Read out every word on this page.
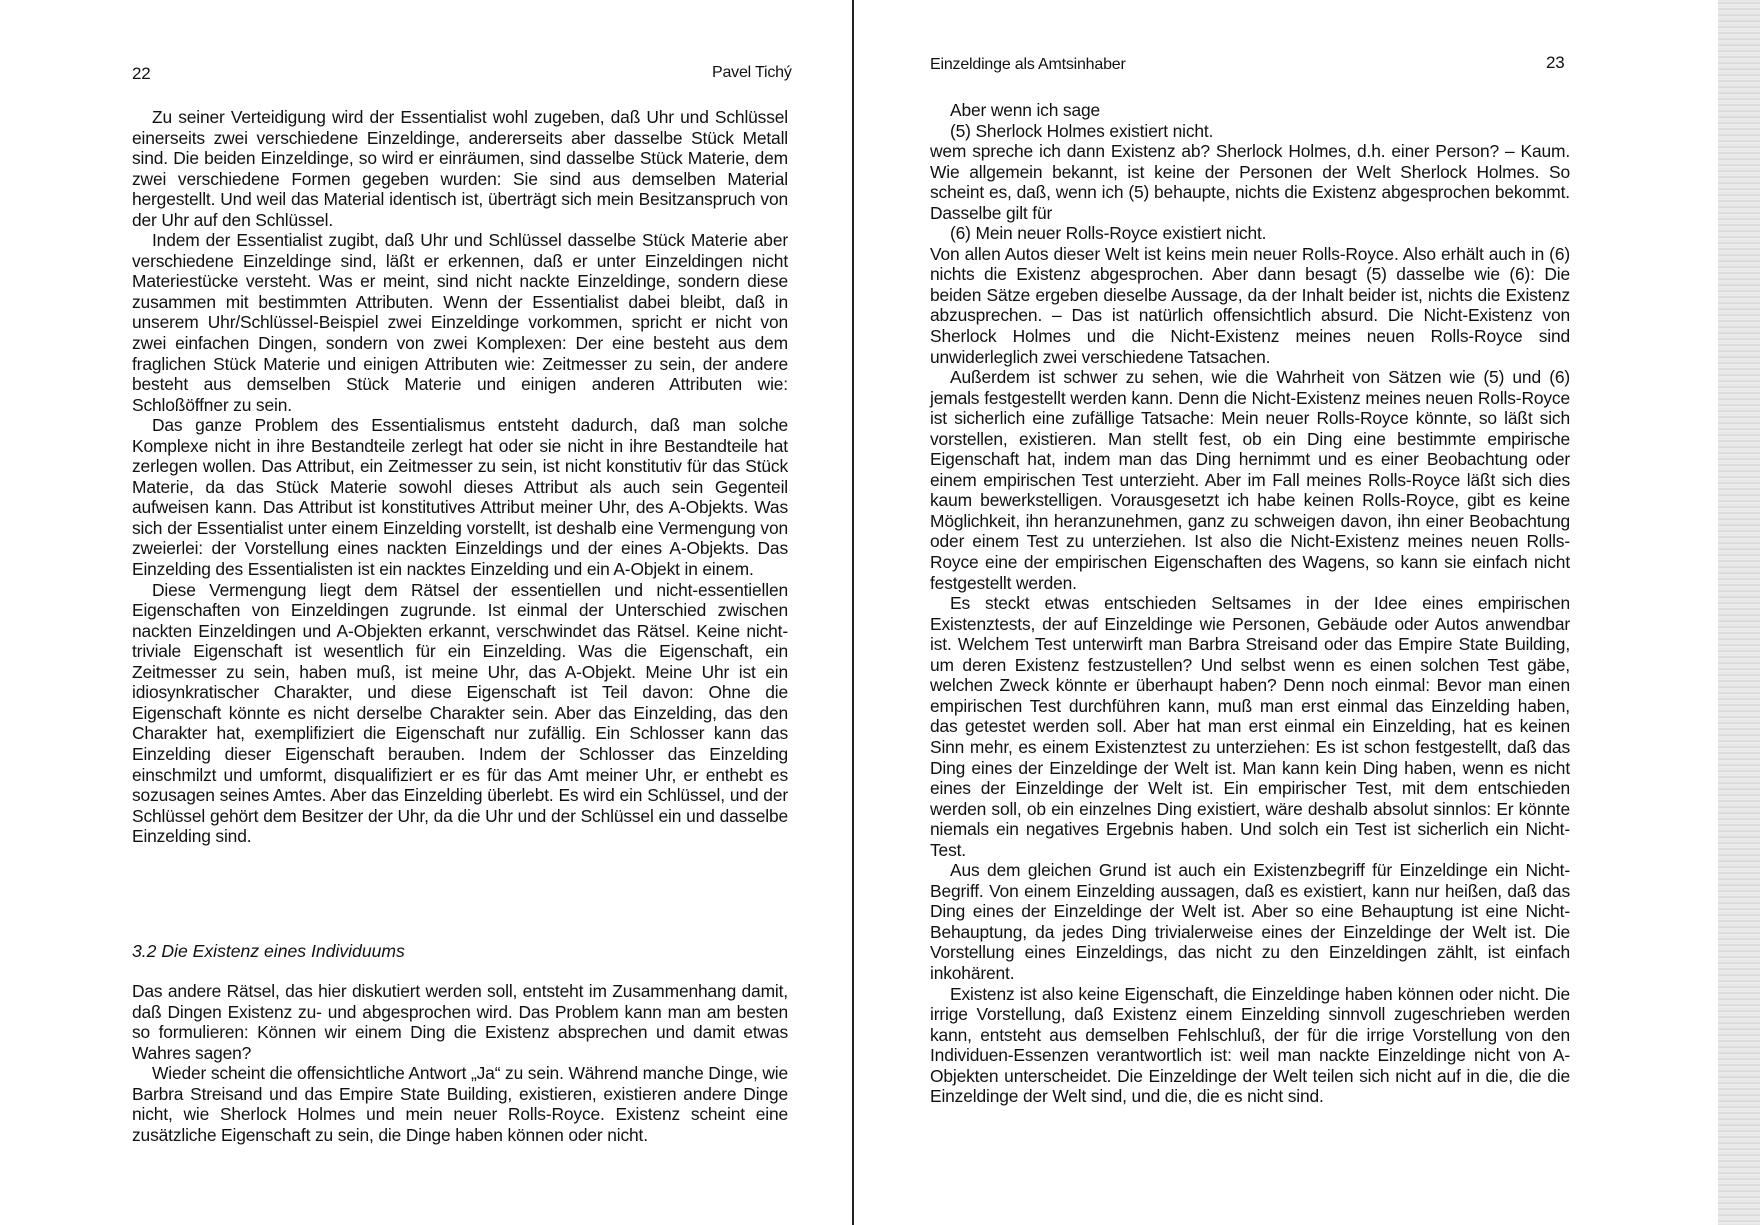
22	Pavel Tichý

Zu seiner Verteidigung wird der Essentialist wohl zugeben, daß Uhr und Schlüssel einerseits zwei verschiedene Einzeldinge, andererseits aber dasselbe Stück Metall sind. Die beiden Einzeldinge, so wird er einräumen, sind dasselbe Stück Materie, dem zwei verschiedene Formen gegeben wurden: Sie sind aus demselben Material hergestellt. Und weil das Material identisch ist, überträgt sich mein Besitzanspruch von der Uhr auf den Schlüssel.

Indem der Essentialist zugibt, daß Uhr und Schlüssel dasselbe Stück Materie aber verschiedene Einzeldinge sind, läßt er erkennen, daß er unter Einzeldingen nicht Materiestücke versteht. Was er meint, sind nicht nackte Einzeldinge, sondern diese zusammen mit bestimmten Attributen. Wenn der Essentialist dabei bleibt, daß in unserem Uhr/Schlüssel-Beispiel zwei Einzeldinge vorkommen, spricht er nicht von zwei einfachen Dingen, sondern von zwei Komplexen: Der eine besteht aus dem fraglichen Stück Materie und einigen Attributen wie: Zeitmesser zu sein, der andere besteht aus demselben Stück Materie und einigen anderen Attributen wie: Schloßöffner zu sein.

Das ganze Problem des Essentialismus entsteht dadurch, daß man solche Komplexe nicht in ihre Bestandteile zerlegt hat oder sie nicht in ihre Bestandteile hat zerlegen wollen. Das Attribut, ein Zeitmesser zu sein, ist nicht konstitutiv für das Stück Materie, da das Stück Materie sowohl dieses Attribut als auch sein Gegenteil aufweisen kann. Das Attribut ist konstitutives Attribut meiner Uhr, des A-Objekts. Was sich der Essentialist unter einem Einzelding vorstellt, ist deshalb eine Vermengung von zweierlei: der Vorstellung eines nackten Einzeldings und der eines A-Objekts. Das Einzelding des Essentialisten ist ein nacktes Einzelding und ein A-Objekt in einem.

Diese Vermengung liegt dem Rätsel der essentiellen und nicht-essentiellen Eigenschaften von Einzeldingen zugrunde. Ist einmal der Unterschied zwischen nackten Einzeldingen und A-Objekten erkannt, verschwindet das Rätsel. Keine nicht-triviale Eigenschaft ist wesentlich für ein Einzelding. Was die Eigenschaft, ein Zeitmesser zu sein, haben muß, ist meine Uhr, das A-Objekt. Meine Uhr ist ein idiosynkratischer Charakter, und diese Eigenschaft ist Teil davon: Ohne die Eigenschaft könnte es nicht derselbe Charakter sein. Aber das Einzelding, das den Charakter hat, exemplifiziert die Eigenschaft nur zufällig. Ein Schlosser kann das Einzelding dieser Eigenschaft berauben. Indem der Schlosser das Einzelding einschmilzt und umformt, disqualifiziert er es für das Amt meiner Uhr, er enthebt es sozusagen seines Amtes. Aber das Einzelding überlebt. Es wird ein Schlüssel, und der Schlüssel gehört dem Besitzer der Uhr, da die Uhr und der Schlüssel ein und dasselbe Einzelding sind.

3.2 Die Existenz eines Individuums

Das andere Rätsel, das hier diskutiert werden soll, entsteht im Zusammenhang damit, daß Dingen Existenz zu- und abgesprochen wird. Das Problem kann man am besten so formulieren: Können wir einem Ding die Existenz absprechen und damit etwas Wahres sagen?

Wieder scheint die offensichtliche Antwort „Ja“ zu sein. Während manche Dinge, wie Barbra Streisand und das Empire State Building, existieren, existieren andere Dinge nicht, wie Sherlock Holmes und mein neuer Rolls-Royce. Existenz scheint eine zusätzliche Eigenschaft zu sein, die Dinge haben können oder nicht.

Einzeldinge als Amtsinhaber	23

Aber wenn ich sage

(5) Sherlock Holmes existiert nicht.

wem spreche ich dann Existenz ab? Sherlock Holmes, d.h. einer Person? – Kaum. Wie allgemein bekannt, ist keine der Personen der Welt Sherlock Holmes. So scheint es, daß, wenn ich (5) behaupte, nichts die Existenz abgesprochen bekommt. Dasselbe gilt für

(6) Mein neuer Rolls-Royce existiert nicht.

Von allen Autos dieser Welt ist keins mein neuer Rolls-Royce. Also erhält auch in (6) nichts die Existenz abgesprochen. Aber dann besagt (5) dasselbe wie (6): Die beiden Sätze ergeben dieselbe Aussage, da der Inhalt beider ist, nichts die Existenz abzusprechen. – Das ist natürlich offensichtlich absurd. Die Nicht-Existenz von Sherlock Holmes und die Nicht-Existenz meines neuen Rolls-Royce sind unwiderleglich zwei verschiedene Tatsachen.

Außerdem ist schwer zu sehen, wie die Wahrheit von Sätzen wie (5) und (6) jemals festgestellt werden kann. Denn die Nicht-Existenz meines neuen Rolls-Royce ist sicherlich eine zufällige Tatsache: Mein neuer Rolls-Royce könnte, so läßt sich vorstellen, existieren. Man stellt fest, ob ein Ding eine bestimmte empirische Eigenschaft hat, indem man das Ding hernimmt und es einer Beobachtung oder einem empirischen Test unterzieht. Aber im Fall meines Rolls-Royce läßt sich dies kaum bewerkstelligen. Vorausgesetzt ich habe keinen Rolls-Royce, gibt es keine Möglichkeit, ihn heranzunehmen, ganz zu schweigen davon, ihn einer Beobachtung oder einem Test zu unterziehen. Ist also die Nicht-Existenz meines neuen Rolls-Royce eine der empirischen Eigenschaften des Wagens, so kann sie einfach nicht festgestellt werden.

Es steckt etwas entschieden Seltsames in der Idee eines empirischen Existenztests, der auf Einzeldinge wie Personen, Gebäude oder Autos anwendbar ist. Welchem Test unterwirft man Barbra Streisand oder das Empire State Building, um deren Existenz festzustellen? Und selbst wenn es einen solchen Test gäbe, welchen Zweck könnte er überhaupt haben? Denn noch einmal: Bevor man einen empirischen Test durchführen kann, muß man erst einmal das Einzelding haben, das getestet werden soll. Aber hat man erst einmal ein Einzelding, hat es keinen Sinn mehr, es einem Existenztest zu unterziehen: Es ist schon festgestellt, daß das Ding eines der Einzeldinge der Welt ist. Man kann kein Ding haben, wenn es nicht eines der Einzeldinge der Welt ist. Ein empirischer Test, mit dem entschieden werden soll, ob ein einzelnes Ding existiert, wäre deshalb absolut sinnlos: Er könnte niemals ein negatives Ergebnis haben. Und solch ein Test ist sicherlich ein Nicht-Test.

Aus dem gleichen Grund ist auch ein Existenzbegriff für Einzeldinge ein Nicht-Begriff. Von einem Einzelding aussagen, daß es existiert, kann nur heißen, daß das Ding eines der Einzeldinge der Welt ist. Aber so eine Behauptung ist eine Nicht-Behauptung, da jedes Ding trivialerweise eines der Einzeldinge der Welt ist. Die Vorstellung eines Einzeldings, das nicht zu den Einzeldingen zählt, ist einfach inkohärent.

Existenz ist also keine Eigenschaft, die Einzeldinge haben können oder nicht. Die irrige Vorstellung, daß Existenz einem Einzelding sinnvoll zugeschrieben werden kann, entsteht aus demselben Fehlschluß, der für die irrige Vorstellung von den Individuen-Essenzen verantwortlich ist: weil man nackte Einzeldinge nicht von A-Objekten unterscheidet. Die Einzeldinge der Welt teilen sich nicht auf in die, die die Einzeldinge der Welt sind, und die, die es nicht sind.
